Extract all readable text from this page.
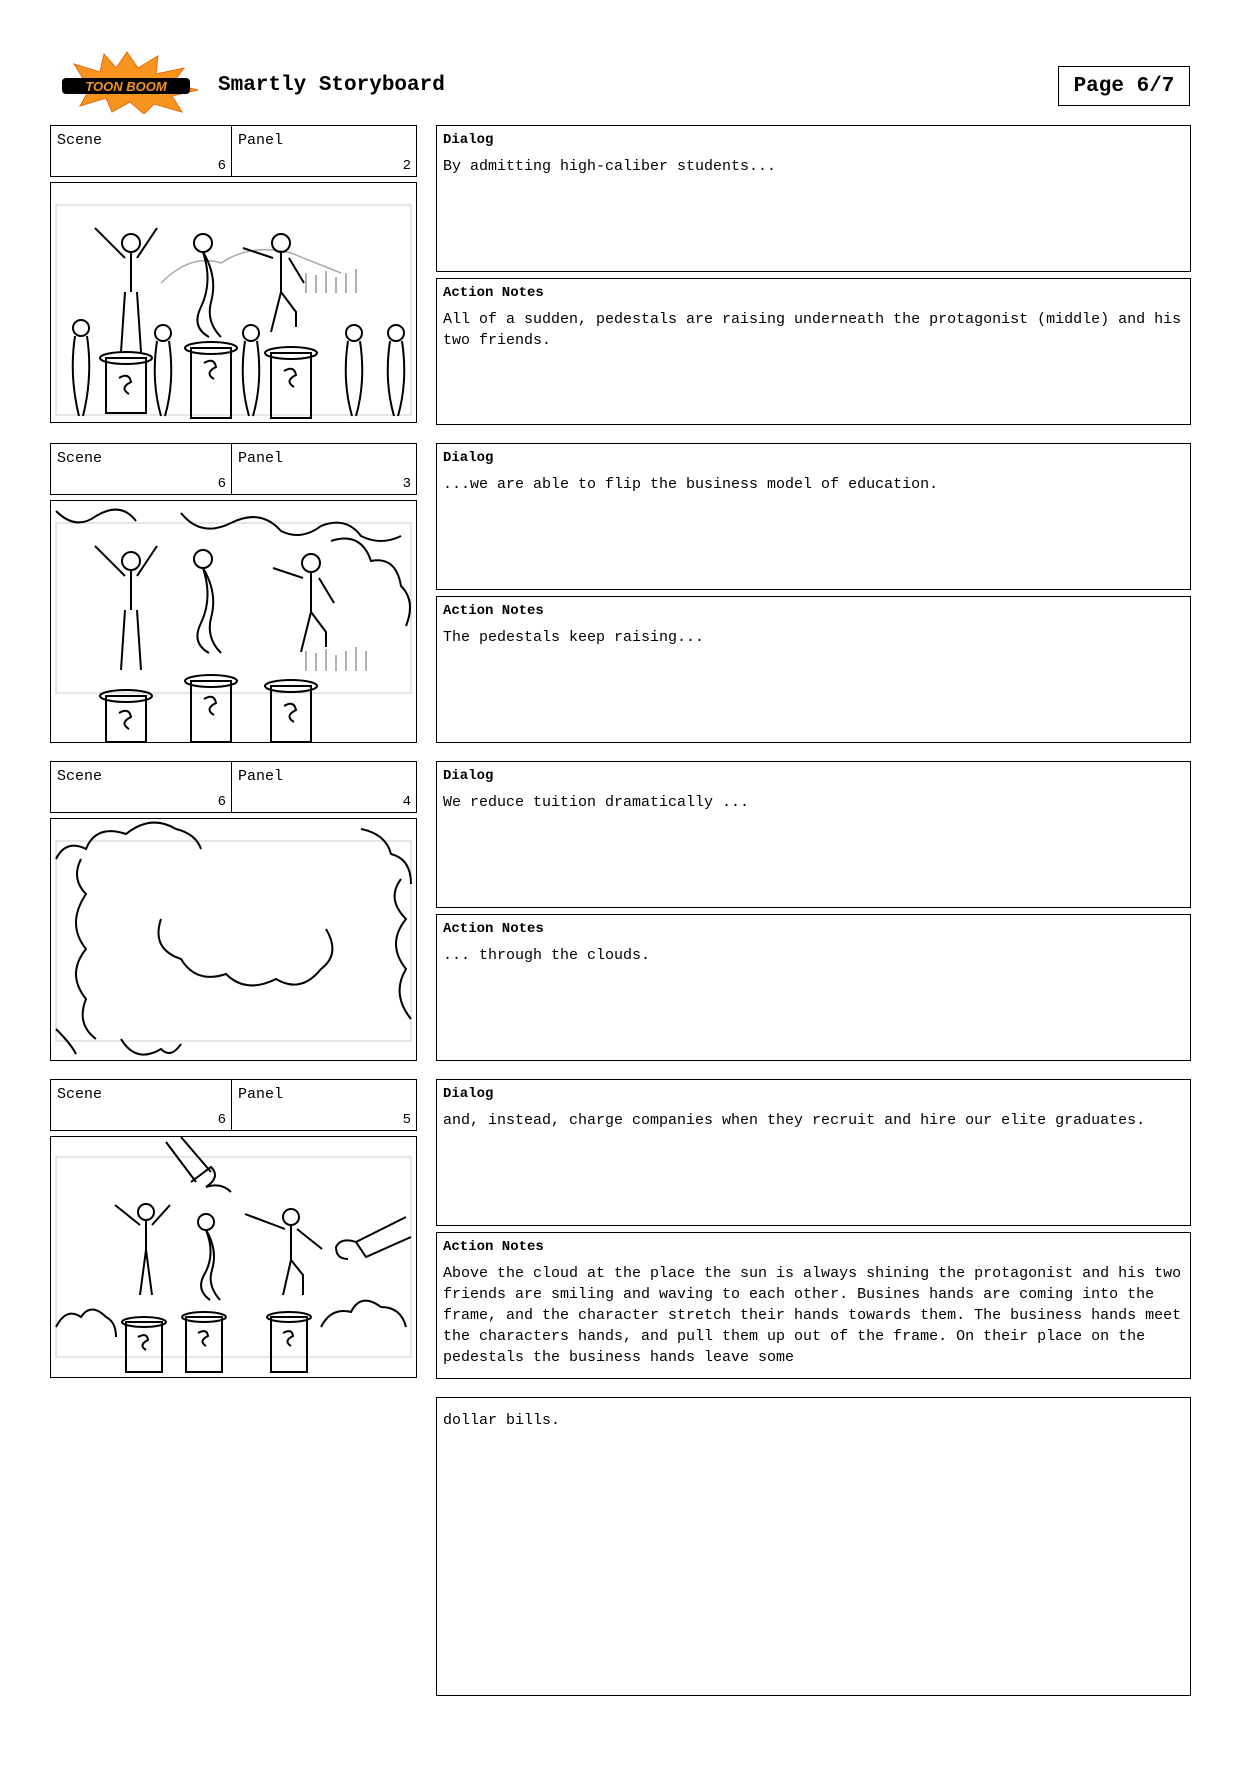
TOON BOOM Smartly Storyboard	Page 6/7
Scene
6
Panel
2
Dialog
By admitting high-caliber students...
Action Notes
All of a sudden, pedestals are raising underneath the protagonist (middle) and his two friends.
Scene
6
Panel
3
Dialog
...we are able to flip the business model of education.
Action Notes
The pedestals keep raising...
Scene
6
Panel
4
Dialog
We reduce tuition dramatically ...
Action Notes
... through the clouds.
Scene
6
Panel
5
Dialog
and, instead, charge companies when they recruit and hire our elite graduates.
Action Notes
Above the cloud at the place the sun is always shining the protagonist and his two friends are smiling and waving to each other. Busines hands are coming into the frame, and the character stretch their hands towards them. The business hands meet the characters hands, and pull them up out of the frame. On their place on the pedestals the business hands leave some
dollar bills.
